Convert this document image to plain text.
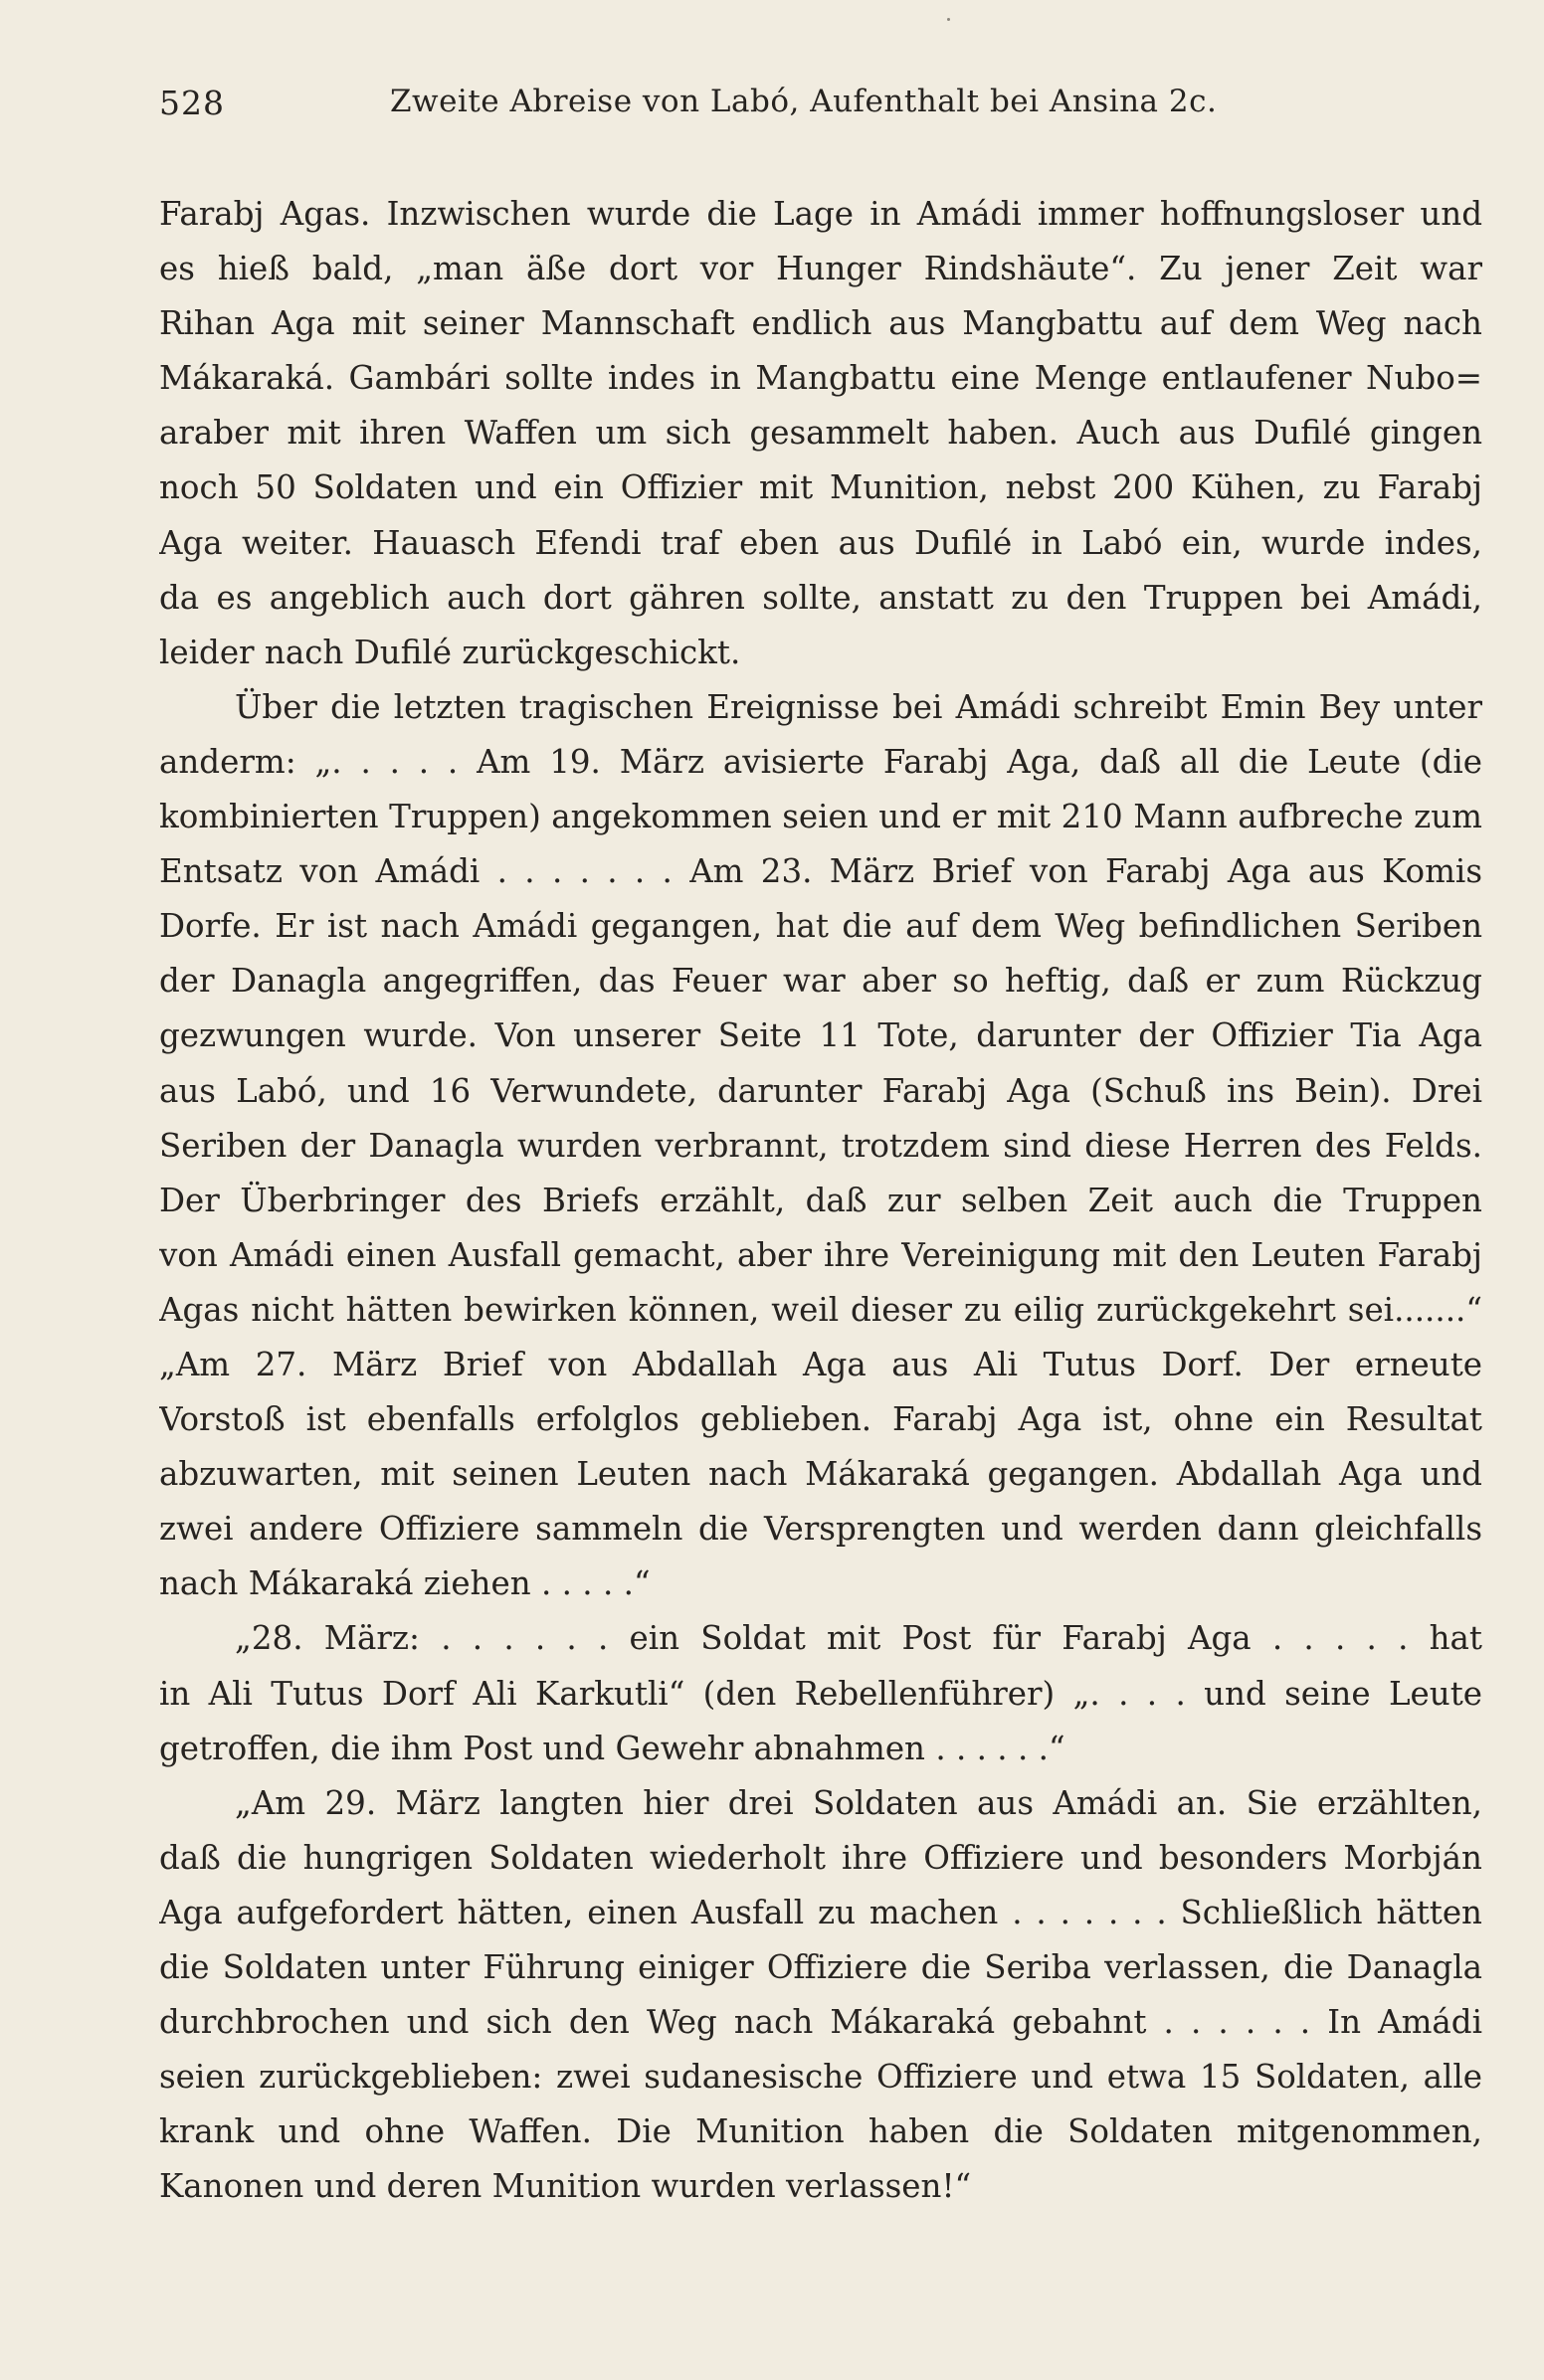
528	Zweite Abreise von Labó, Aufenthalt bei Ansina 2c.
Farabj Agas. Inzwischen wurde die Lage in Amádi immer hoffnungsloser und
es hieß bald, „man äße dort vor Hunger Rindshäute“. Zu jener Zeit war
Rihan Aga mit seiner Mannschaft endlich aus Mangbattu auf dem Weg nach
Mákaraká. Gambári sollte indes in Mangbattu eine Menge entlaufener Nubo=
araber mit ihren Waffen um sich gesammelt haben. Auch aus Dufilé gingen
noch 50 Soldaten und ein Offizier mit Munition, nebst 200 Kühen, zu Farabj
Aga weiter. Hauasch Efendi traf eben aus Dufilé in Labó ein, wurde indes,
da es angeblich auch dort gähren sollte, anstatt zu den Truppen bei Amádi,
leider nach Dufilé zurückgeschickt.
Über die letzten tragischen Ereignisse bei Amádi schreibt Emin Bey unter
anderm: „. . . . . Am 19. März avisierte Farabj Aga, daß all die Leute (die
kombinierten Truppen) angekommen seien und er mit 210 Mann aufbreche zum
Entsatz von Amádi . . . . . . . Am 23. März Brief von Farabj Aga aus Komis
Dorfe. Er ist nach Amádi gegangen, hat die auf dem Weg befindlichen Seriben
der Danagla angegriffen, das Feuer war aber so heftig, daß er zum Rückzug
gezwungen wurde. Von unserer Seite 11 Tote, darunter der Offizier Tia Aga
aus Labó, und 16 Verwundete, darunter Farabj Aga (Schuß ins Bein). Drei
Seriben der Danagla wurden verbrannt, trotzdem sind diese Herren des Felds.
Der Überbringer des Briefs erzählt, daß zur selben Zeit auch die Truppen
von Amádi einen Ausfall gemacht, aber ihre Vereinigung mit den Leuten Farabj
Agas nicht hätten bewirken können, weil dieser zu eilig zurückgekehrt sei.......“
„Am 27. März Brief von Abdallah Aga aus Ali Tutus Dorf. Der erneute
Vorstoß ist ebenfalls erfolglos geblieben. Farabj Aga ist, ohne ein Resultat
abzuwarten, mit seinen Leuten nach Mákaraká gegangen. Abdallah Aga und
zwei andere Offiziere sammeln die Versprengten und werden dann gleichfalls
nach Mákaraká ziehen . . . . .“
„28. März: . . . . . . ein Soldat mit Post für Farabj Aga . . . . . hat
in Ali Tutus Dorf Ali Karkutli“ (den Rebellenführer) „. . . . und seine Leute
getroffen, die ihm Post und Gewehr abnahmen . . . . . .“
„Am 29. März langten hier drei Soldaten aus Amádi an. Sie erzählten,
daß die hungrigen Soldaten wiederholt ihre Offiziere und besonders Morbján
Aga aufgefordert hätten, einen Ausfall zu machen . . . . . . . Schließlich hätten
die Soldaten unter Führung einiger Offiziere die Seriba verlassen, die Danagla
durchbrochen und sich den Weg nach Mákaraká gebahnt . . . . . . In Amádi
seien zurückgeblieben: zwei sudanesische Offiziere und etwa 15 Soldaten, alle
krank und ohne Waffen. Die Munition haben die Soldaten mitgenommen,
Kanonen und deren Munition wurden verlassen!“
